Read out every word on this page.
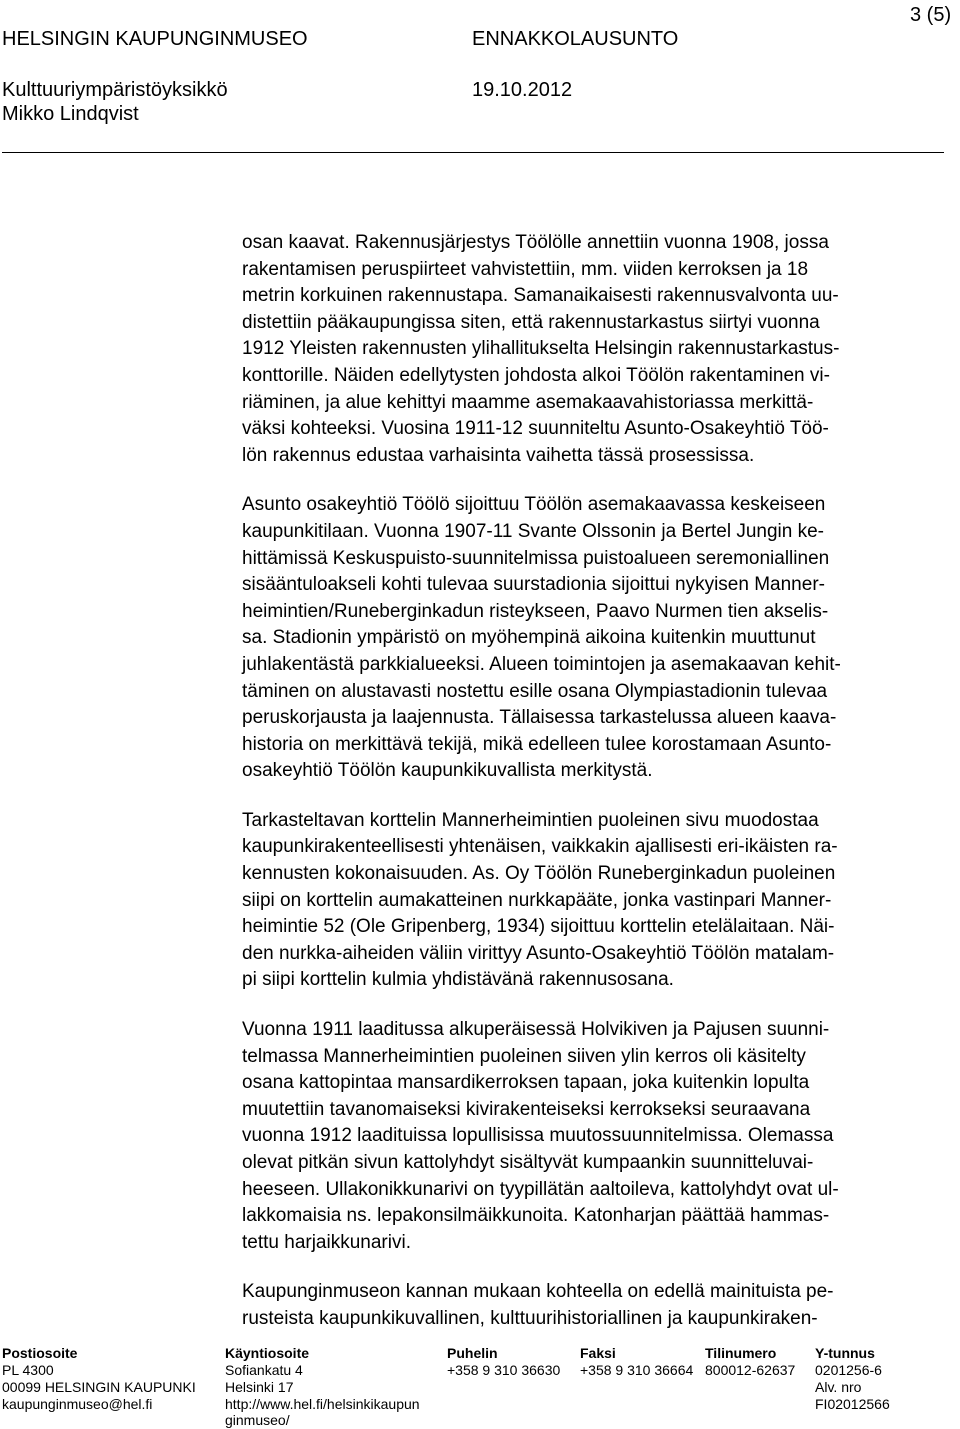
3 (5)
HELSINGIN KAUPUNGINMUSEO	ENNAKKOLAUSUNTO
Kulttuuriympäristöyksikkö	19.10.2012
Mikko Lindqvist
osan kaavat. Rakennusjärjestys Töölölle annettiin vuonna 1908, jossa
rakentamisen peruspiirteet vahvistettiin, mm. viiden kerroksen ja 18
metrin korkuinen rakennustapa. Samanaikaisesti rakennusvalvonta uu-
distettiin pääkaupungissa siten, että rakennustarkastus siirtyi vuonna
1912 Yleisten rakennusten ylihallitukselta Helsingin rakennustarkastus-
konttorille. Näiden edellytysten johdosta alkoi Töölön rakentaminen vi-
riäminen, ja alue kehittyi maamme asemakaavahistoriassa merkittä-
väksi kohteeksi. Vuosina 1911-12 suunniteltu Asunto-Osakeyhtiö Töö-
lön rakennus edustaa varhaisinta vaihetta tässä prosessissa.
Asunto osakeyhtiö Töölö sijoittuu Töölön asemakaavassa keskeiseen
kaupunkitilaan. Vuonna 1907-11 Svante Olssonin ja Bertel Jungin ke-
hittämissä Keskuspuisto-suunnitelmissa puistoalueen seremoniallinen
sisääntuloakseli kohti tulevaa suurstadionia sijoittui nykyisen Manner-
heimintien/Runeberginkadun risteykseen, Paavo Nurmen tien akselis-
sa. Stadionin ympäristö on myöhempinä aikoina kuitenkin muuttunut
juhlakentästä parkkialueeksi. Alueen toimintojen ja asemakaavan kehit-
täminen on alustavasti nostettu esille osana Olympiastadionin tulevaa
peruskorjausta ja laajennusta. Tällaisessa tarkastelussa alueen kaava-
historia on merkittävä tekijä, mikä edelleen tulee korostamaan Asunto-
osakeyhtiö Töölön kaupunkikuvallista merkitystä.
Tarkasteltavan korttelin Mannerheimintien puoleinen sivu muodostaa
kaupunkirakenteellisesti yhtenäisen, vaikkakin ajallisesti eri-ikäisten ra-
kennusten kokonaisuuden. As. Oy Töölön Runeberginkadun puoleinen
siipi on korttelin aumakatteinen nurkkapääte, jonka vastinpari Manner-
heimintie 52 (Ole Gripenberg, 1934) sijoittuu korttelin etelälaitaan. Näi-
den nurkka-aiheiden väliin virittyy Asunto-Osakeyhtiö Töölön matalam-
pi siipi korttelin kulmia yhdistävänä rakennusosana.
Vuonna 1911 laaditussa alkuperäisessä Holvikiven ja Pajusen suunni-
telmassa Mannerheimintien puoleinen siiven ylin kerros oli käsitelty
osana kattopintaa mansardikerroksen tapaan, joka kuitenkin lopulta
muutettiin tavanomaiseksi kivirakenteiseksi kerrokseksi seuraavana
vuonna 1912 laadituissa lopullisissa muutossuunnitelmissa. Olemassa
olevat pitkän sivun kattolyhdyt sisältyvät kumpaankin suunnitteluvai-
heeseen. Ullakonikkunarivi on tyypillätän aaltoileva, kattolyhdyt ovat ul-
lakkomaisia ns. lepakonsilmäikkunoita. Katonharjan päättää hammas-
tettu harjaikkunarivi.
Kaupunginmuseon kannan mukaan kohteella on edellä mainituista pe-
rusteista kaupunkikuvallinen, kulttuurihistoriallinen ja kaupunkiraken-
Postiosoite
PL 4300
00099 HELSINGIN KAUPUNKI
kaupunginmuseo@hel.fi
Käyntiosoite
Sofiankatu 4
Helsinki 17
http://www.hel.fi/helsinkikaupun
ginmuseo/
Puhelin
+358 9 310 36630
Faksi
+358 9 310 36664
Tilinumero
800012-62637
Y-tunnus
0201256-6
Alv. nro
FI02012566
